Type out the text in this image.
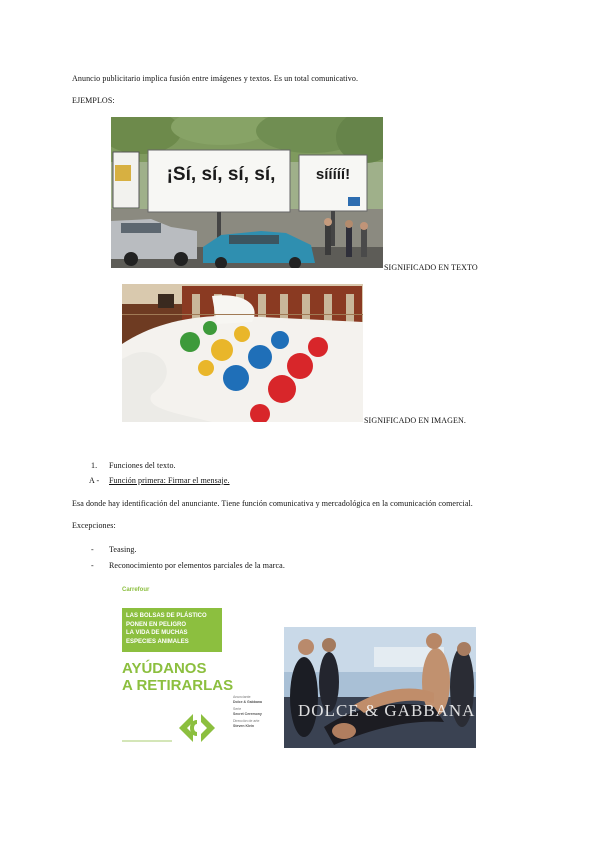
Anuncio publicitario implica fusión entre imágenes y textos. Es un total comunicativo.
EJEMPLOS:
¡Sí, sí, sí, sí,	sííííí!
SIGNIFICADO EN TEXTO
SIGNIFICADO EN IMAGEN.
1. Funciones del texto.
A - Función primera: Firmar el mensaje.
Esa donde hay identificación del anunciante. Tiene función comunicativa y mercadológica en la comunicación comercial.
Excepciones:
- Teasing.
- Reconocimiento por elementos parciales de la marca.
Carrefour
LAS BOLSAS DE PLÁSTICO
PONEN EN PELIGRO
LA VIDA DE MUCHAS
ESPECIES ANIMALES
AYÚDANOS
A RETIRARLAS
Anunciante
Dolce & Gabbana
Serie
Secret Ceremony
Dirección de arte
Steven Klein
DOLCE & GABBANA
